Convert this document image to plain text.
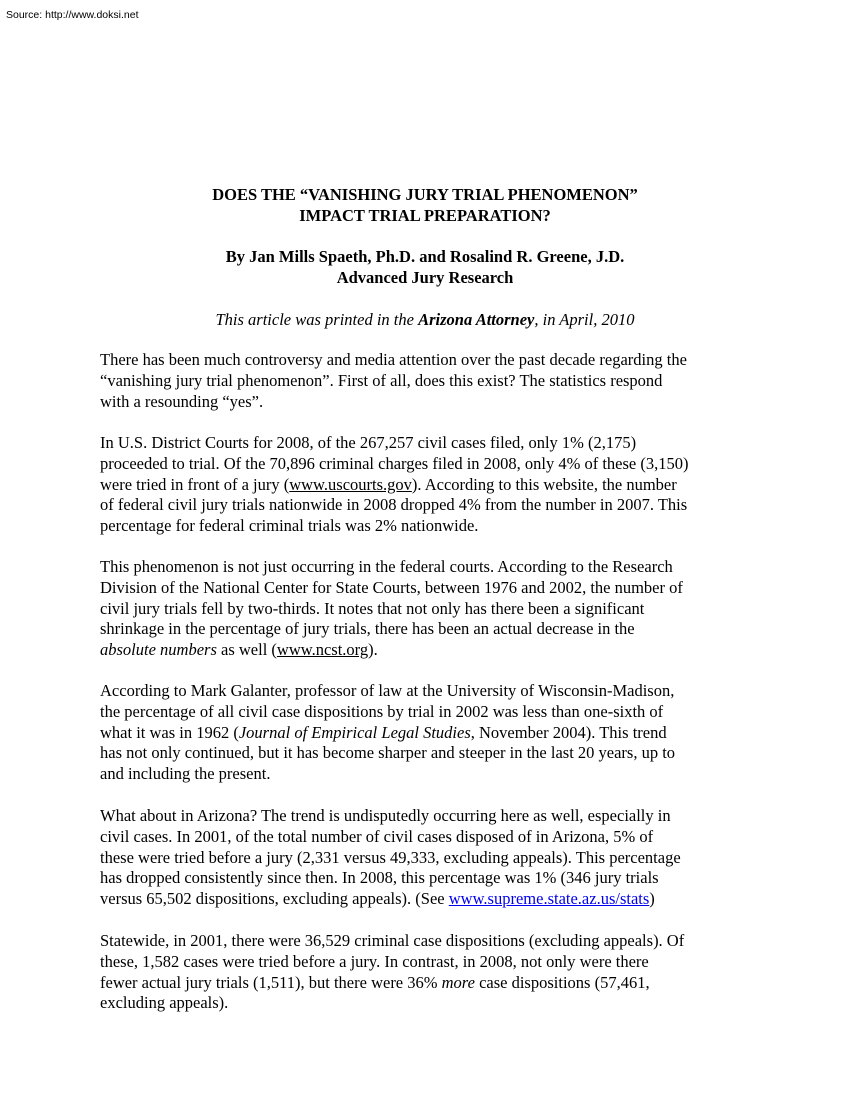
Source: http://www.doksi.net
DOES THE “VANISHING JURY TRIAL PHENOMENON”
IMPACT TRIAL PREPARATION?
By Jan Mills Spaeth, Ph.D. and Rosalind R. Greene, J.D.
Advanced Jury Research
This article was printed in the Arizona Attorney, in April, 2010
There has been much controversy and media attention over the past decade regarding the
“vanishing jury trial phenomenon”. First of all, does this exist? The statistics respond
with a resounding “yes”.
In U.S. District Courts for 2008, of the 267,257 civil cases filed, only 1% (2,175)
proceeded to trial. Of the 70,896 criminal charges filed in 2008, only 4% of these (3,150)
were tried in front of a jury (www.uscourts.gov). According to this website, the number
of federal civil jury trials nationwide in 2008 dropped 4% from the number in 2007. This
percentage for federal criminal trials was 2% nationwide.
This phenomenon is not just occurring in the federal courts. According to the Research
Division of the National Center for State Courts, between 1976 and 2002, the number of
civil jury trials fell by two-thirds. It notes that not only has there been a significant
shrinkage in the percentage of jury trials, there has been an actual decrease in the
absolute numbers as well (www.ncst.org).
According to Mark Galanter, professor of law at the University of Wisconsin-Madison,
the percentage of all civil case dispositions by trial in 2002 was less than one-sixth of
what it was in 1962 (Journal of Empirical Legal Studies, November 2004). This trend
has not only continued, but it has become sharper and steeper in the last 20 years, up to
and including the present.
What about in Arizona? The trend is undisputedly occurring here as well, especially in
civil cases. In 2001, of the total number of civil cases disposed of in Arizona, 5% of
these were tried before a jury (2,331 versus 49,333, excluding appeals). This percentage
has dropped consistently since then. In 2008, this percentage was 1% (346 jury trials
versus 65,502 dispositions, excluding appeals). (See www.supreme.state.az.us/stats)
Statewide, in 2001, there were 36,529 criminal case dispositions (excluding appeals). Of
these, 1,582 cases were tried before a jury. In contrast, in 2008, not only were there
fewer actual jury trials (1,511), but there were 36% more case dispositions (57,461,
excluding appeals).
